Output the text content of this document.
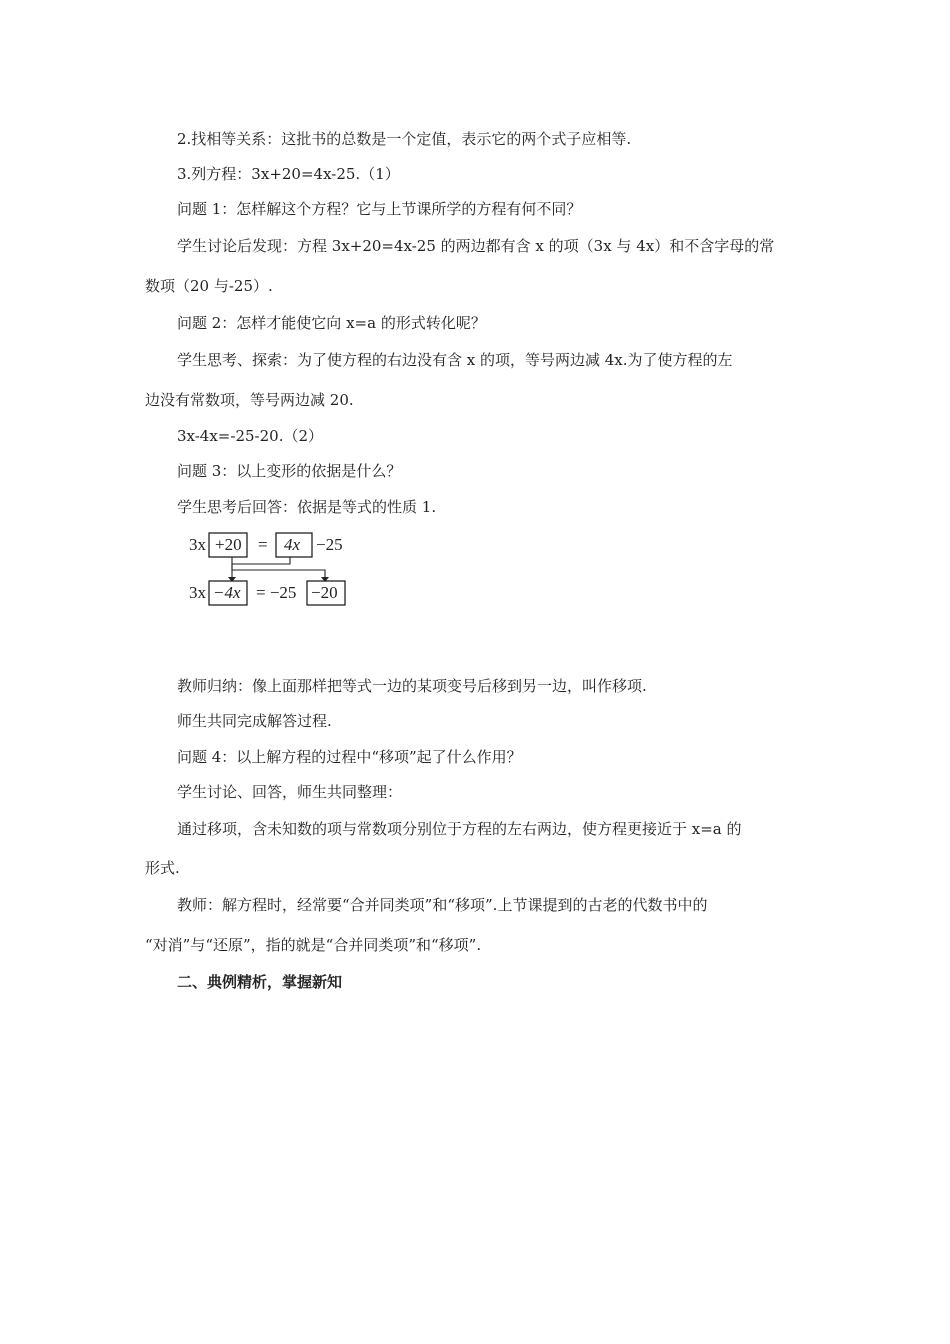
2.找相等关系：这批书的总数是一个定值，表示它的两个式子应相等.
3.列方程：3x+20=4x-25.（1）
问题 1：怎样解这个方程？它与上节课所学的方程有何不同？
学生讨论后发现：方程 3x+20=4x-25 的两边都有含 x 的项（3x 与 4x）和不含字母的常
数项（20 与-25）.
问题 2：怎样才能使它向 x=a 的形式转化呢？
学生思考、探索：为了使方程的右边没有含 x 的项，等号两边减 4x.为了使方程的左
边没有常数项，等号两边减 20.
3x-4x=-25-20.（2）
问题 3：以上变形的依据是什么？
学生思考后回答：依据是等式的性质 1.
3x +20 = 4x −25
3x −4x = −25 −20
教师归纳：像上面那样把等式一边的某项变号后移到另一边，叫作移项.
师生共同完成解答过程.
问题 4：以上解方程的过程中“移项”起了什么作用？
学生讨论、回答，师生共同整理：
通过移项，含未知数的项与常数项分别位于方程的左右两边，使方程更接近于 x=a 的
形式.
教师：解方程时，经常要“合并同类项”和“移项”.上节课提到的古老的代数书中的
“对消”与“还原”，指的就是“合并同类项”和“移项”.
二、典例精析，掌握新知
